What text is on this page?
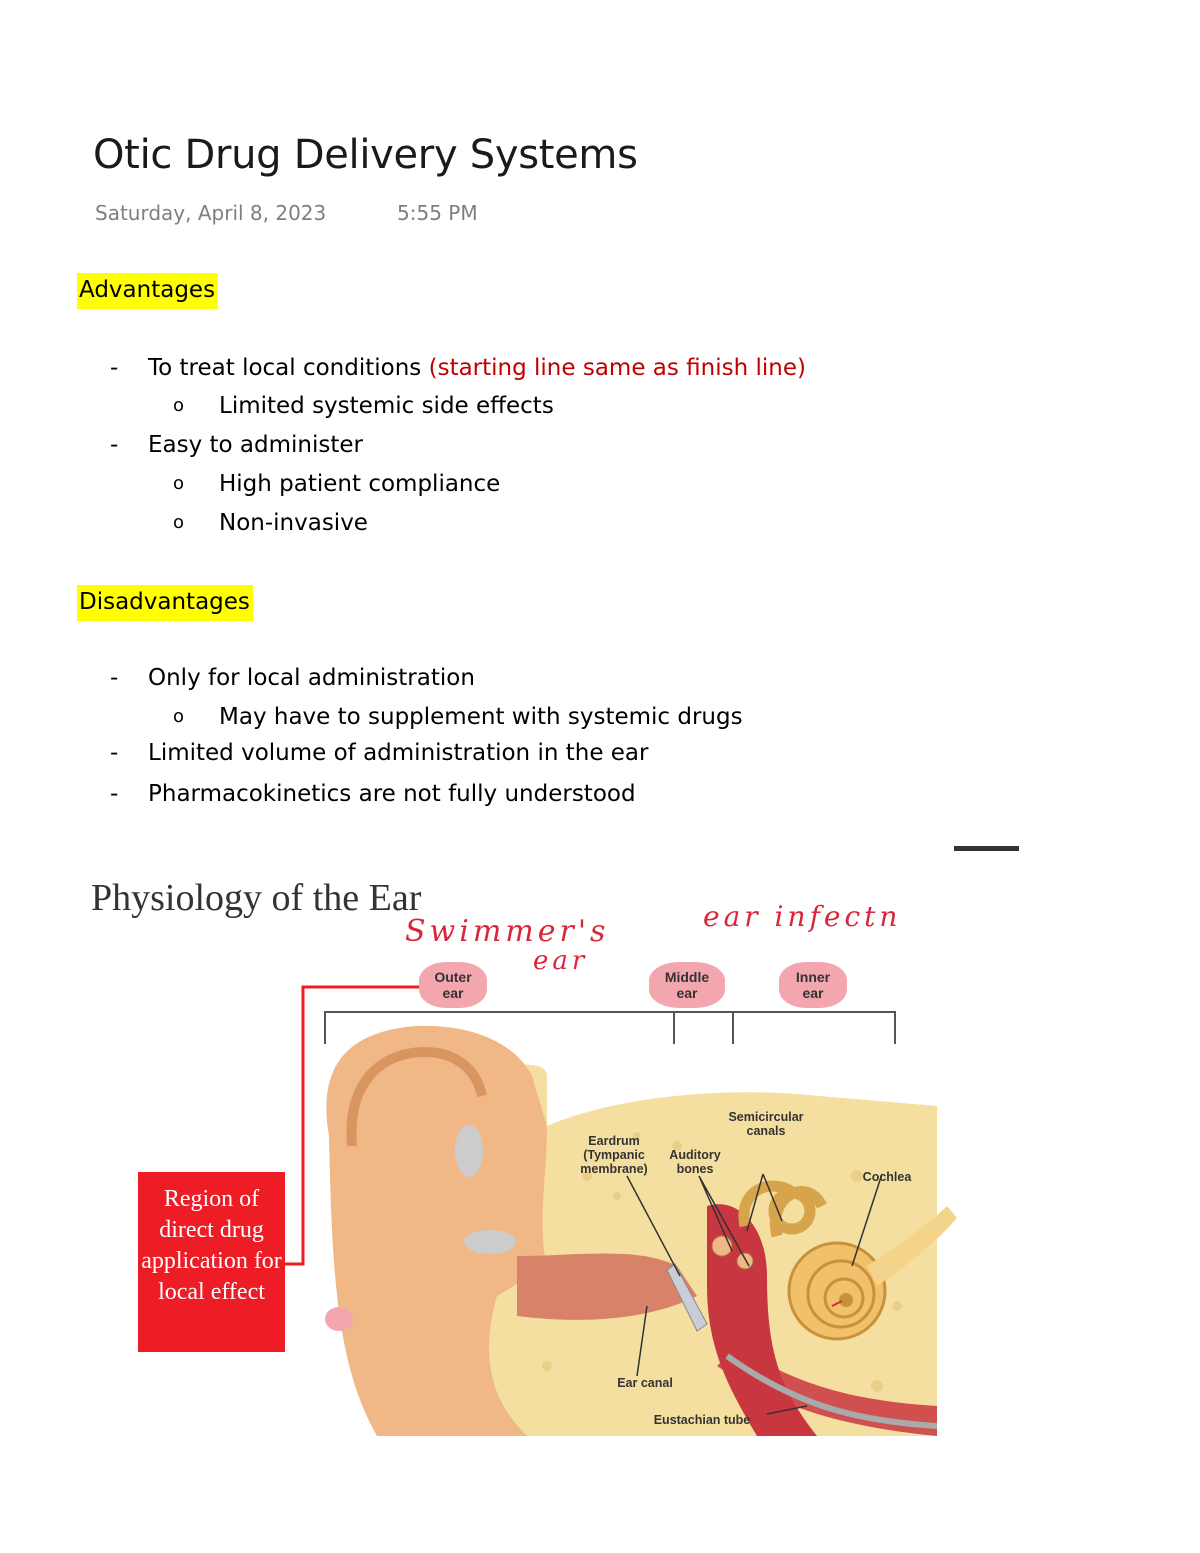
Otic Drug Delivery Systems
Saturday, April 8, 2023	5:55 PM
Advantages
- To treat local conditions (starting line same as finish line)
o Limited systemic side effects
- Easy to administer
o High patient compliance
o Non-invasive
Disadvantages
- Only for local administration
o May have to supplement with systemic drugs
- Limited volume of administration in the ear
- Pharmacokinetics are not fully understood
Physiology of the Ear
Swimmer's
ear
ear infectn
Outer ear
Middle ear
Inner ear
Region of direct drug application for local effect
Eardrum (Tympanic membrane)
Auditory bones
Semicircular canals
Cochlea
Ear canal
Eustachian tube
